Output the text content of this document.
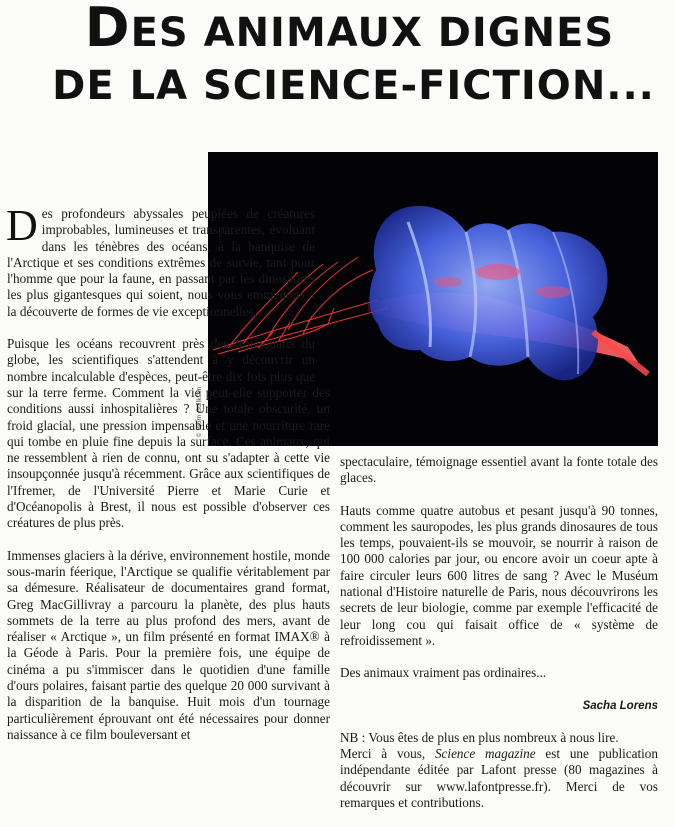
DES ANIMAUX DIGNES
DE LA SCIENCE-FICTION...
© Bjorn Gullksen

Des profondeurs abyssales peuplées de créatures improbables, lumineuses et transparentes, évoluant dans les ténèbres des océans, à la banquise de l'Arctique et ses conditions extrêmes de survie, tant pour l'homme que pour la faune, en passant par les dinosaures les plus gigantesques qui soient, nous vous emmenons à la découverte de formes de vie exceptionnelles.

Puisque les océans recouvrent près des trois-quarts du globe, les scientifiques s'attendent à y découvrir un nombre incalculable d'espèces, peut-être dix fois plus que sur la terre ferme. Comment la vie peut-elle supporter des conditions aussi inhospitalières ? Une totale obscurité, un froid glacial, une pression impensable et une nourriture rare qui tombe en pluie fine depuis la surface. Ces animaux, qui ne ressemblent à rien de connu, ont su s'adapter à cette vie insoupçonnée jusqu'à récemment. Grâce aux scientifiques de l'Ifremer, de l'Université Pierre et Marie Curie et d'Océanopolis à Brest, il nous est possible d'observer ces créatures de plus près.

Immenses glaciers à la dérive, environnement hostile, monde sous-marin féerique, l'Arctique se qualifie véritablement par sa démesure. Réalisateur de documentaires grand format, Greg MacGillivray a parcouru la planète, des plus hauts sommets de la terre au plus profond des mers, avant de réaliser « Arctique », un film présenté en format IMAX® à la Géode à Paris. Pour la première fois, une équipe de cinéma a pu s'immiscer dans le quotidien d'une famille d'ours polaires, faisant partie des quelque 20 000 survivant à la disparition de la banquise. Huit mois d'un tournage particulièrement éprouvant ont été nécessaires pour donner naissance à ce film bouleversant et

spectaculaire, témoignage essentiel avant la fonte totale des glaces.

Hauts comme quatre autobus et pesant jusqu'à 90 tonnes, comment les sauropodes, les plus grands dinosaures de tous les temps, pouvaient-ils se mouvoir, se nourrir à raison de 100 000 calories par jour, ou encore avoir un coeur apte à faire circuler leurs 600 litres de sang ? Avec le Muséum national d'Histoire naturelle de Paris, nous découvrirons les secrets de leur biologie, comme par exemple l'efficacité de leur long cou qui faisait office de « système de refroidissement ».

Des animaux vraiment pas ordinaires...

Sacha Lorens

NB : Vous êtes de plus en plus nombreux à nous lire.
Merci à vous, Science magazine est une publication indépendante éditée par Lafont presse (80 magazines à découvrir sur www.lafontpresse.fr). Merci de vos remarques et contributions.
